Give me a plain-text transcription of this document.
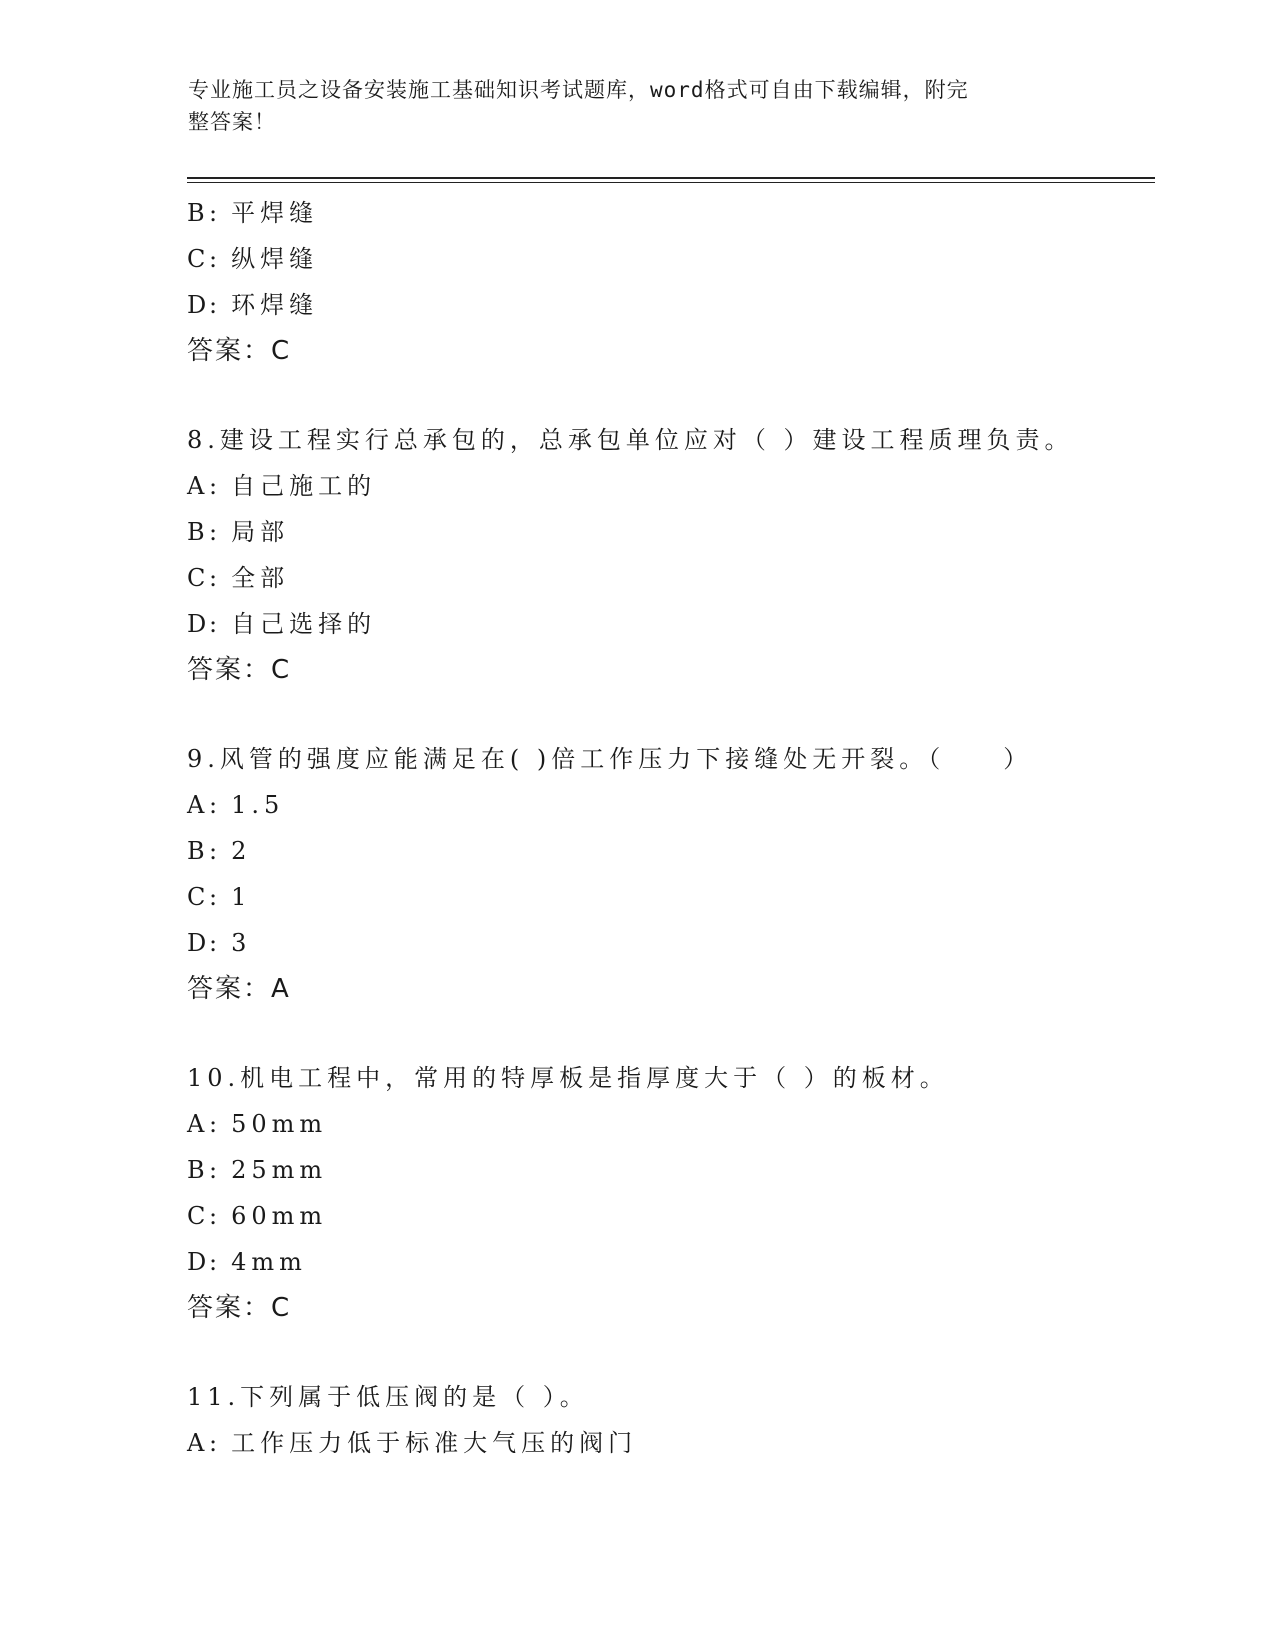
专业施工员之设备安装施工基础知识考试题库，word格式可自由下载编辑，附完
整答案！
B : 平焊缝
C : 纵焊缝
D: 环焊缝
答案：C
8.建设工程实行总承包的，总承包单位应对（ ）建设工程质理负责。
A : 自己施工的
B : 局部
C : 全部
D: 自己选择的
答案：C
9.风管的强度应能满足在( )倍工作压力下接缝处无开裂。（　　）
A : 1.5
B : 2
C : 1
D: 3
答案：A
10.机电工程中，常用的特厚板是指厚度大于（ ）的板材。
A : 50mm
B : 25mm
C : 60mm
D: 4mm
答案：C
11.下列属于低压阀的是（ ）。
A : 工作压力低于标准大气压的阀门
